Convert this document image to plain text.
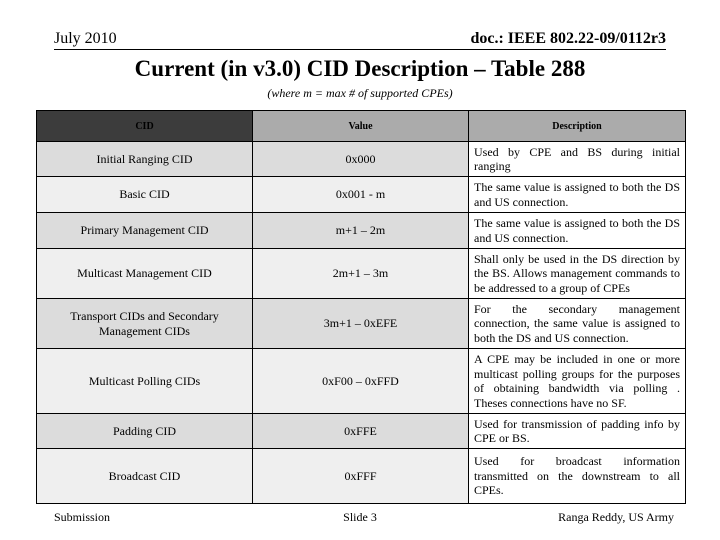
July 2010	doc.: IEEE 802.22-09/0112r3
Current (in v3.0) CID Description – Table 288
(where m = max # of supported CPEs)
CID	Value	Description
Initial Ranging CID	0x000	Used by CPE and BS during initial ranging
Basic CID	0x001 - m	The same value is assigned to both the DS and US connection.
Primary Management CID	m+1 – 2m	The same value is assigned to both the DS and US connection.
Multicast Management CID	2m+1 – 3m	Shall only be used in the DS direction by the BS. Allows management commands to be addressed to a group of CPEs
Transport CIDs and Secondary Management CIDs	3m+1 – 0xEFE	For the secondary management connection, the same value is assigned to both the DS and US connection.
Multicast Polling CIDs	0xF00 – 0xFFD	A CPE may be included in one or more multicast polling groups for the purposes of obtaining bandwidth via polling . Theses connections have no SF.
Padding CID	0xFFE	Used for transmission of padding info by CPE or BS.
Broadcast CID	0xFFF	Used for broadcast information transmitted on the downstream to all CPEs.
Submission	Slide 3	Ranga Reddy, US Army
